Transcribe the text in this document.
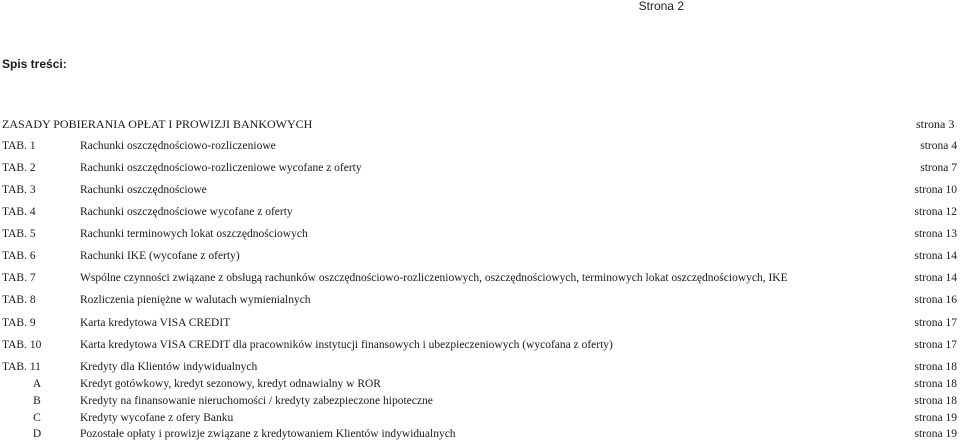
Strona 2
Spis treści:
ZASADY POBIERANIA OPŁAT I PROWIZJI BANKOWYCH	strona 3
TAB. 1	Rachunki oszczędnościowo-rozliczeniowe	strona 4
TAB. 2	Rachunki oszczędnościowo-rozliczeniowe wycofane z oferty	strona 7
TAB. 3	Rachunki oszczędnościowe	strona 10
TAB. 4	Rachunki oszczędnościowe wycofane z oferty	strona 12
TAB. 5	Rachunki terminowych lokat oszczędnościowych	strona 13
TAB. 6	Rachunki IKE (wycofane z oferty)	strona 14
TAB. 7	Wspólne czynności związane z obsługą rachunków oszczędnościowo-rozliczeniowych, oszczędnościowych, terminowych lokat oszczędnościowych, IKE	strona 14
TAB. 8	Rozliczenia pieniężne w walutach wymienialnych	strona 16
TAB. 9	Karta kredytowa VISA CREDIT	strona 17
TAB. 10	Karta kredytowa VISA CREDIT dla pracowników instytucji finansowych i ubezpieczeniowych (wycofana z oferty)	strona 17
TAB. 11	Kredyty dla Klientów indywidualnych	strona 18
A	Kredyt gotówkowy, kredyt sezonowy, kredyt odnawialny w ROR	strona 18
B	Kredyty na finansowanie nieruchomości / kredyty zabezpieczone hipoteczne	strona 18
C	Kredyty wycofane z ofery Banku	strona 19
D	Pozostałe opłaty i prowizje związane z kredytowaniem Klientów indywidualnych	strona 19
